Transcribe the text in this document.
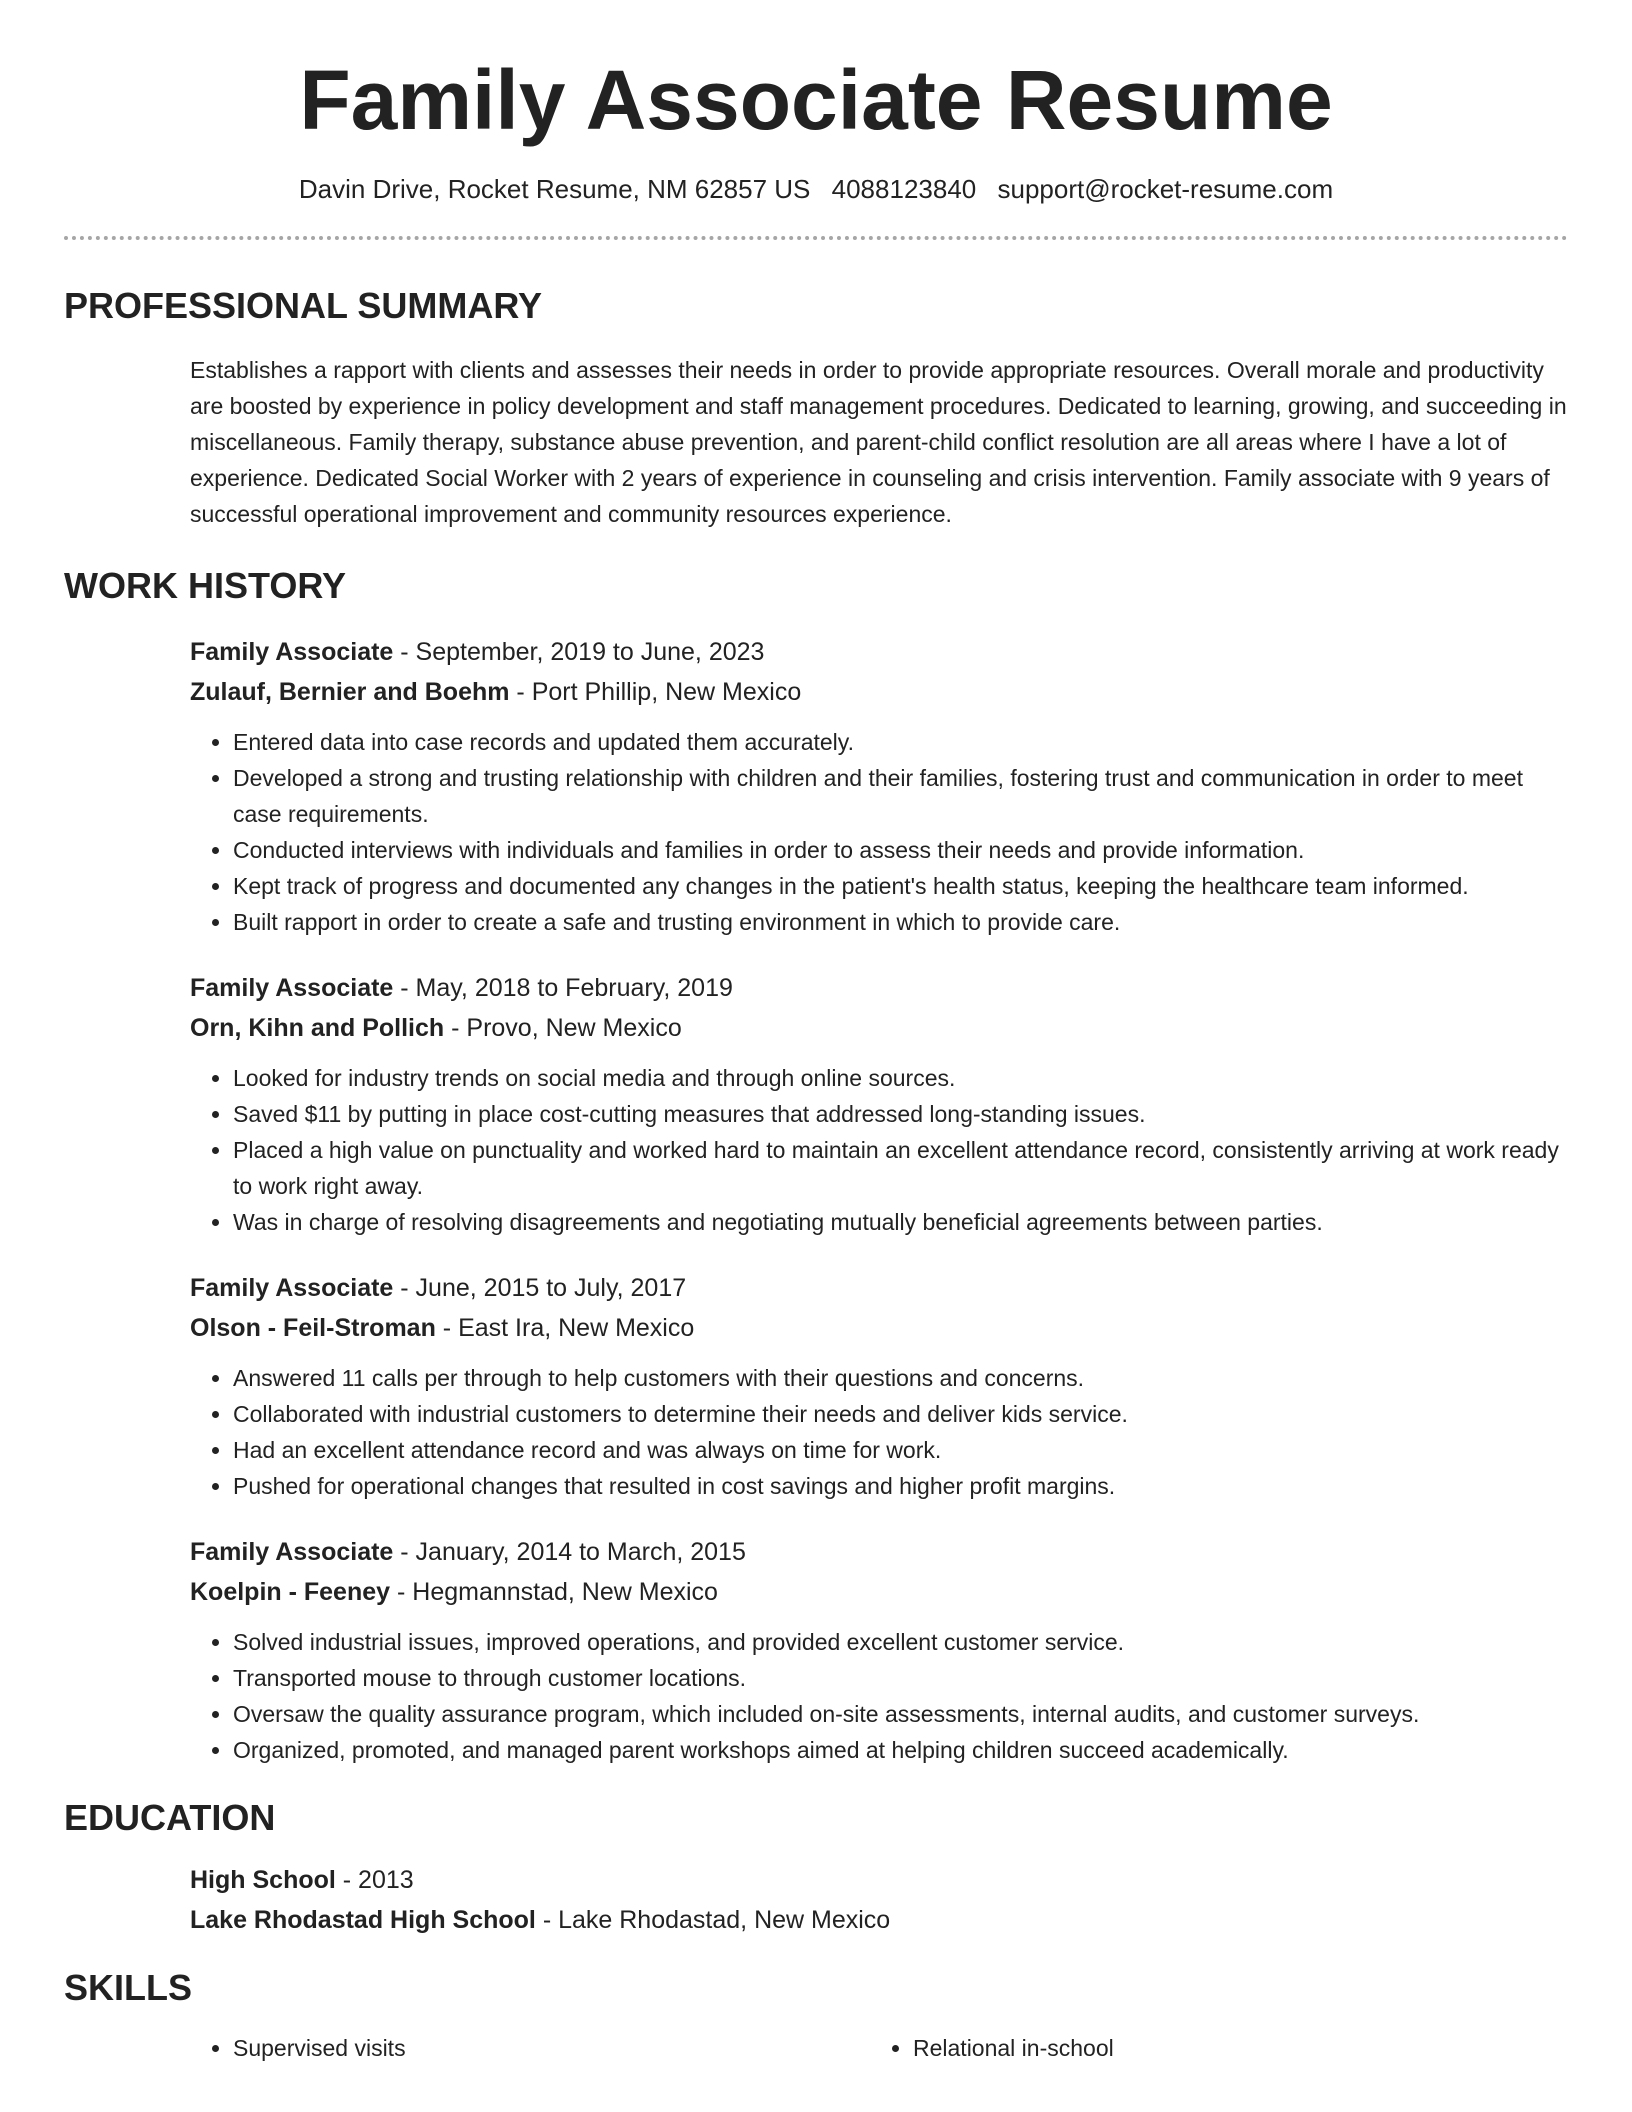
Family Associate Resume
Davin Drive, Rocket Resume, NM 62857 US 4088123840 support@rocket-resume.com
PROFESSIONAL SUMMARY

Establishes a rapport with clients and assesses their needs in order to provide appropriate resources. Overall morale and productivity are boosted by experience in policy development and staff management procedures. Dedicated to learning, growing, and succeeding in miscellaneous. Family therapy, substance abuse prevention, and parent-child conflict resolution are all areas where I have a lot of experience. Dedicated Social Worker with 2 years of experience in counseling and crisis intervention. Family associate with 9 years of successful operational improvement and community resources experience.

WORK HISTORY
Family Associate - September, 2019 to June, 2023
Zulauf, Bernier and Boehm - Port Phillip, New Mexico
• Entered data into case records and updated them accurately.
• Developed a strong and trusting relationship with children and their families, fostering trust and communication in order to meet case requirements.
• Conducted interviews with individuals and families in order to assess their needs and provide information.
• Kept track of progress and documented any changes in the patient's health status, keeping the healthcare team informed.
• Built rapport in order to create a safe and trusting environment in which to provide care.
Family Associate - May, 2018 to February, 2019
Orn, Kihn and Pollich - Provo, New Mexico
• Looked for industry trends on social media and through online sources.
• Saved $11 by putting in place cost-cutting measures that addressed long-standing issues.
• Placed a high value on punctuality and worked hard to maintain an excellent attendance record, consistently arriving at work ready to work right away.
• Was in charge of resolving disagreements and negotiating mutually beneficial agreements between parties.
Family Associate - June, 2015 to July, 2017
Olson - Feil-Stroman - East Ira, New Mexico
• Answered 11 calls per through to help customers with their questions and concerns.
• Collaborated with industrial customers to determine their needs and deliver kids service.
• Had an excellent attendance record and was always on time for work.
• Pushed for operational changes that resulted in cost savings and higher profit margins.
Family Associate - January, 2014 to March, 2015
Koelpin - Feeney - Hegmannstad, New Mexico
• Solved industrial issues, improved operations, and provided excellent customer service.
• Transported mouse to through customer locations.
• Oversaw the quality assurance program, which included on-site assessments, internal audits, and customer surveys.
• Organized, promoted, and managed parent workshops aimed at helping children succeed academically.
EDUCATION
High School - 2013
Lake Rhodastad High School - Lake Rhodastad, New Mexico
SKILLS
• Supervised visits
•	Relational in‑school
